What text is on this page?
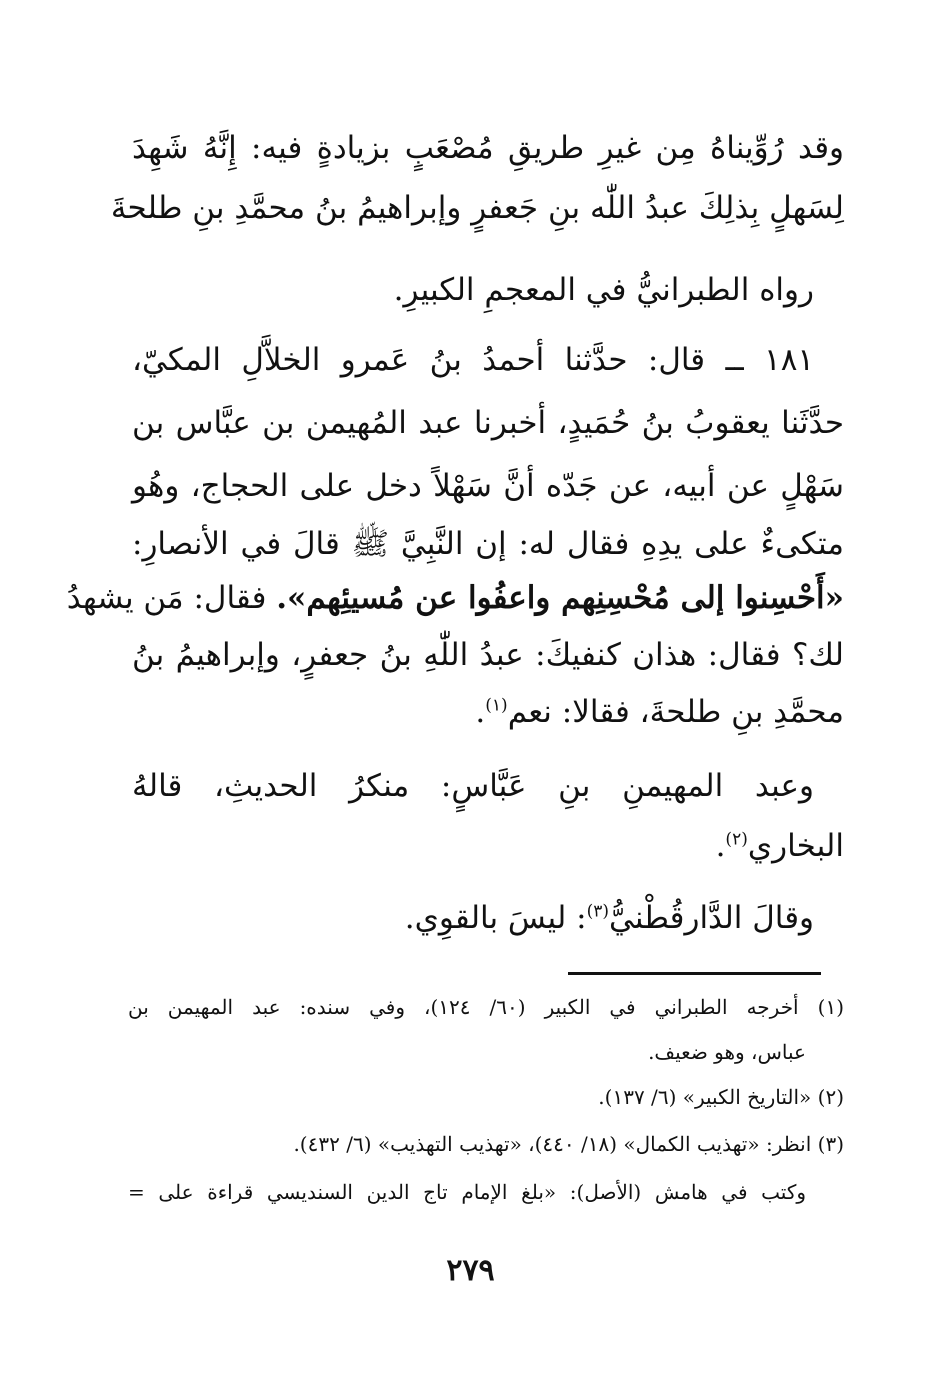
وقد رُوِّيناهُ مِن غيرِ طريقِ مُصْعَبٍ بزيادةٍ فيه: إِنَّهُ شَهِدَ
لِسَهلٍ بِذلِكَ عبدُ اللّٰه بنِ جَعفرٍ وإبراهيمُ بنُ محمَّدِ بنِ طلحةَ
رواه الطبرانيُّ في المعجمِ الكبيرِ.
١٨١ ــ قال: حدَّثنا أحمدُ بنُ عَمرو الخلاَّلِ المكيّ،
حدَّثَنا يعقوبُ بنُ حُمَيدٍ، أخبرنا عبد المُهيمن بن عبَّاس بن
سَهْلٍ عن أبيه، عن جَدّه أنَّ سَهْلاً دخل على الحجاج، وهُو
متكىءٌ على يدِهِ فقال له: إن النَّبِيَّ ﷺ قالَ في الأنصارِ:
«أَحْسِنوا إلى مُحْسِنِهم واعفُوا عن مُسيئِهم». فقال: مَن يشهدُ
لك؟ فقال: هذان كنفيكَ: عبدُ اللّٰهِ بنُ جعفرٍ، وإبراهيمُ بنُ
محمَّدِ بنِ طلحةَ، فقالا: نعم$^{(١)}$.
وعبد المهيمنِ بنِ عَبَّاسٍ: منكرُ الحديثِ، قالهُ
البخاري$^{(٢)}$.
وقالَ الدَّارقُطْنيُّ$^{(٣)}$: ليسَ بالقوِي.
(١) أخرجه الطبراني في الكبير (٦٠/ ١٢٤)، وفي سنده: عبد المهيمن بن
عباس، وهو ضعيف.
(٢) «التاريخ الكبير» (٦/ ١٣٧).
(٣) انظر: «تهذيب الكمال» (١٨/ ٤٤٠)، «تهذيب التهذيب» (٦/ ٤٣٢).
وكتب في هامش (الأصل): «بلغ الإمام تاج الدين السنديسي قراءة على =
٢٧٩
